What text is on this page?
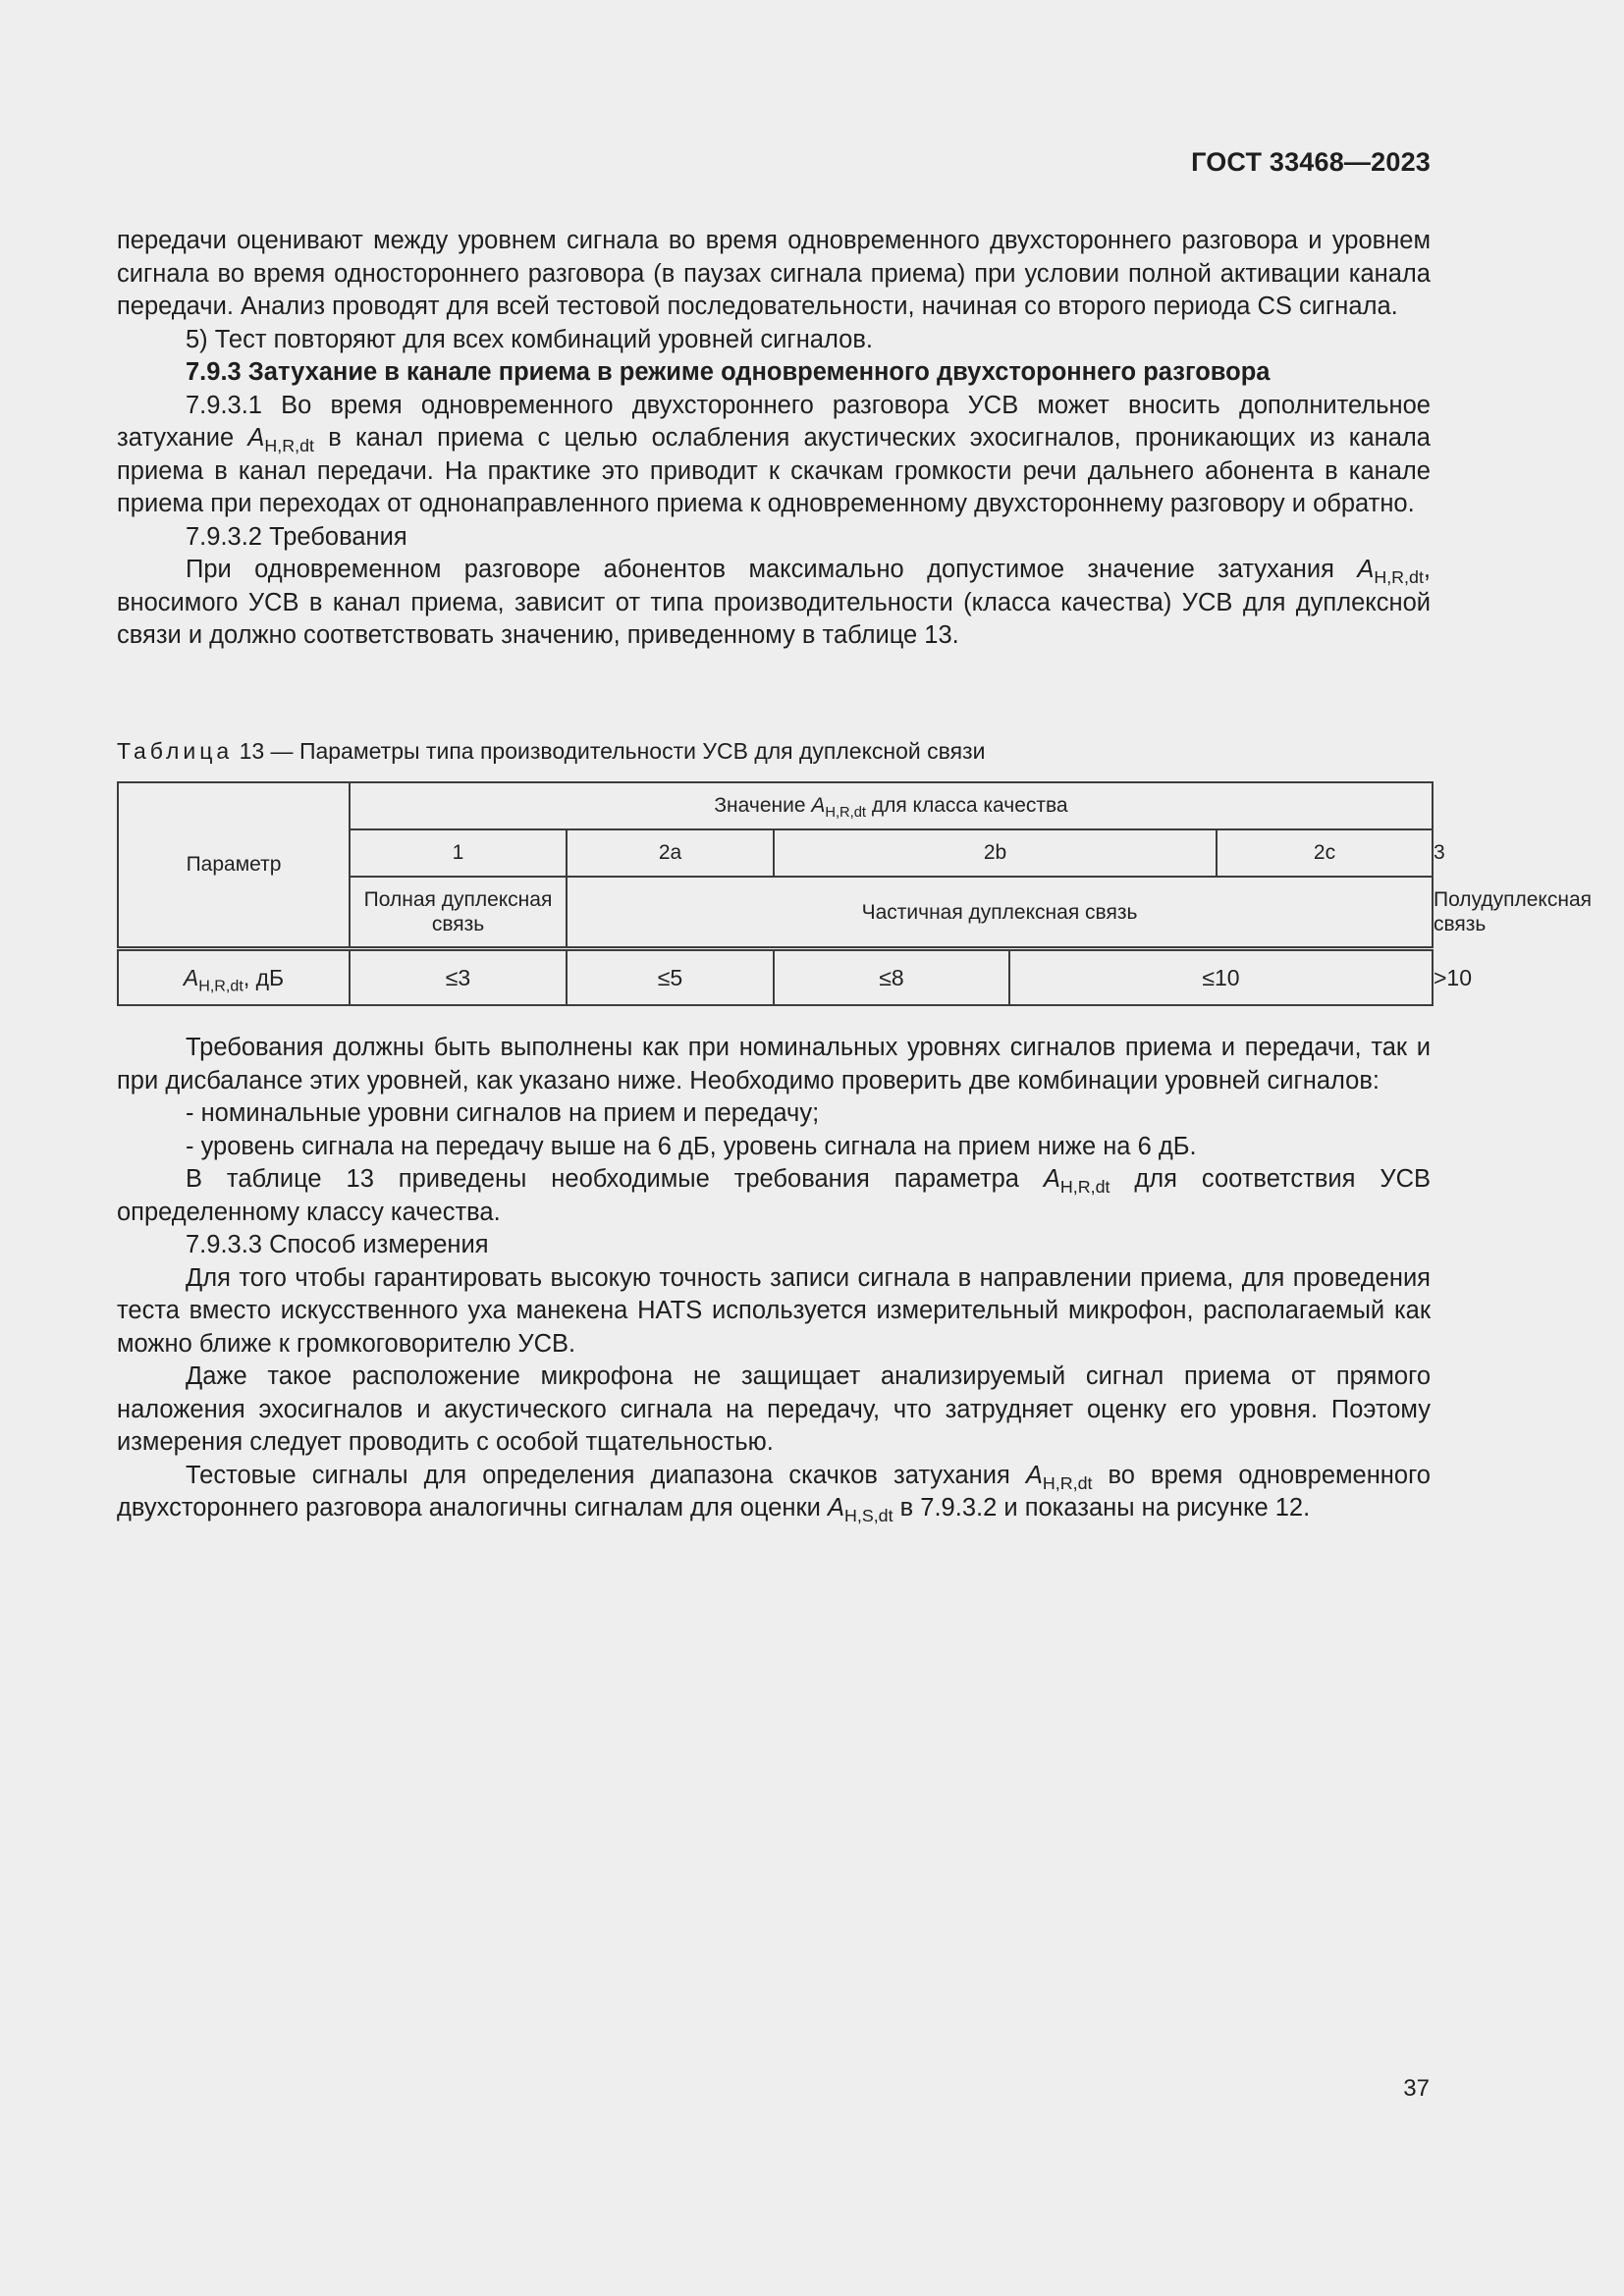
ГОСТ 33468—2023

передачи оценивают между уровнем сигнала во время одновременного двухстороннего разговора и уровнем сигнала во время одностороннего разговора (в паузах сигнала приема) при условии полной активации канала передачи. Анализ проводят для всей тестовой последовательности, начиная со второго периода CS сигнала.

5) Тест повторяют для всех комбинаций уровней сигналов.

7.9.3 Затухание в канале приема в режиме одновременного двухстороннего разговора

7.9.3.1 Во время одновременного двухстороннего разговора УСВ может вносить дополнительное затухание $A_{H,R,dt}$ в канал приема с целью ослабления акустических эхосигналов, проникающих из канала приема в канал передачи. На практике это приводит к скачкам громкости речи дальнего абонента в канале приема при переходах от однонаправленного приема к одновременному двухстороннему разговору и обратно.

7.9.3.2 Требования

При одновременном разговоре абонентов максимально допустимое значение затухания $A_{H,R,dt}$, вносимого УСВ в канал приема, зависит от типа производительности (класса качества) УСВ для дуплексной связи и должно соответствовать значению, приведенному в таблице 13.

Таблица 13 — Параметры типа производительности УСВ для дуплексной связи
Параметр	Значение $A_{H,R,dt}$ для класса качества					
	1	2a	2b		2c	3
	Полная дуплексная связь	Частичная дуплексная связь				Полудуплексная связь
$A_{H,R,dt}$, дБ	≤3	≤5	≤8	≤10		>10

Требования должны быть выполнены как при номинальных уровнях сигналов приема и передачи, так и при дисбалансе этих уровней, как указано ниже. Необходимо проверить две комбинации уровней сигналов:

- номинальные уровни сигналов на прием и передачу;

- уровень сигнала на передачу выше на 6 дБ, уровень сигнала на прием ниже на 6 дБ.

В таблице 13 приведены необходимые требования параметра $A_{H,R,dt}$ для соответствия УСВ определенному классу качества.

7.9.3.3 Способ измерения

Для того чтобы гарантировать высокую точность записи сигнала в направлении приема, для проведения теста вместо искусственного уха манекена HATS используется измерительный микрофон, располагаемый как можно ближе к громкоговорителю УСВ.

Даже такое расположение микрофона не защищает анализируемый сигнал приема от прямого наложения эхосигналов и акустического сигнала на передачу, что затрудняет оценку его уровня. Поэтому измерения следует проводить с особой тщательностью.

Тестовые сигналы для определения диапазона скачков затухания $A_{H,R,dt}$ во время одновременного двухстороннего разговора аналогичны сигналам для оценки $A_{H,S,dt}$ в 7.9.3.2 и показаны на рисунке 12.

37
